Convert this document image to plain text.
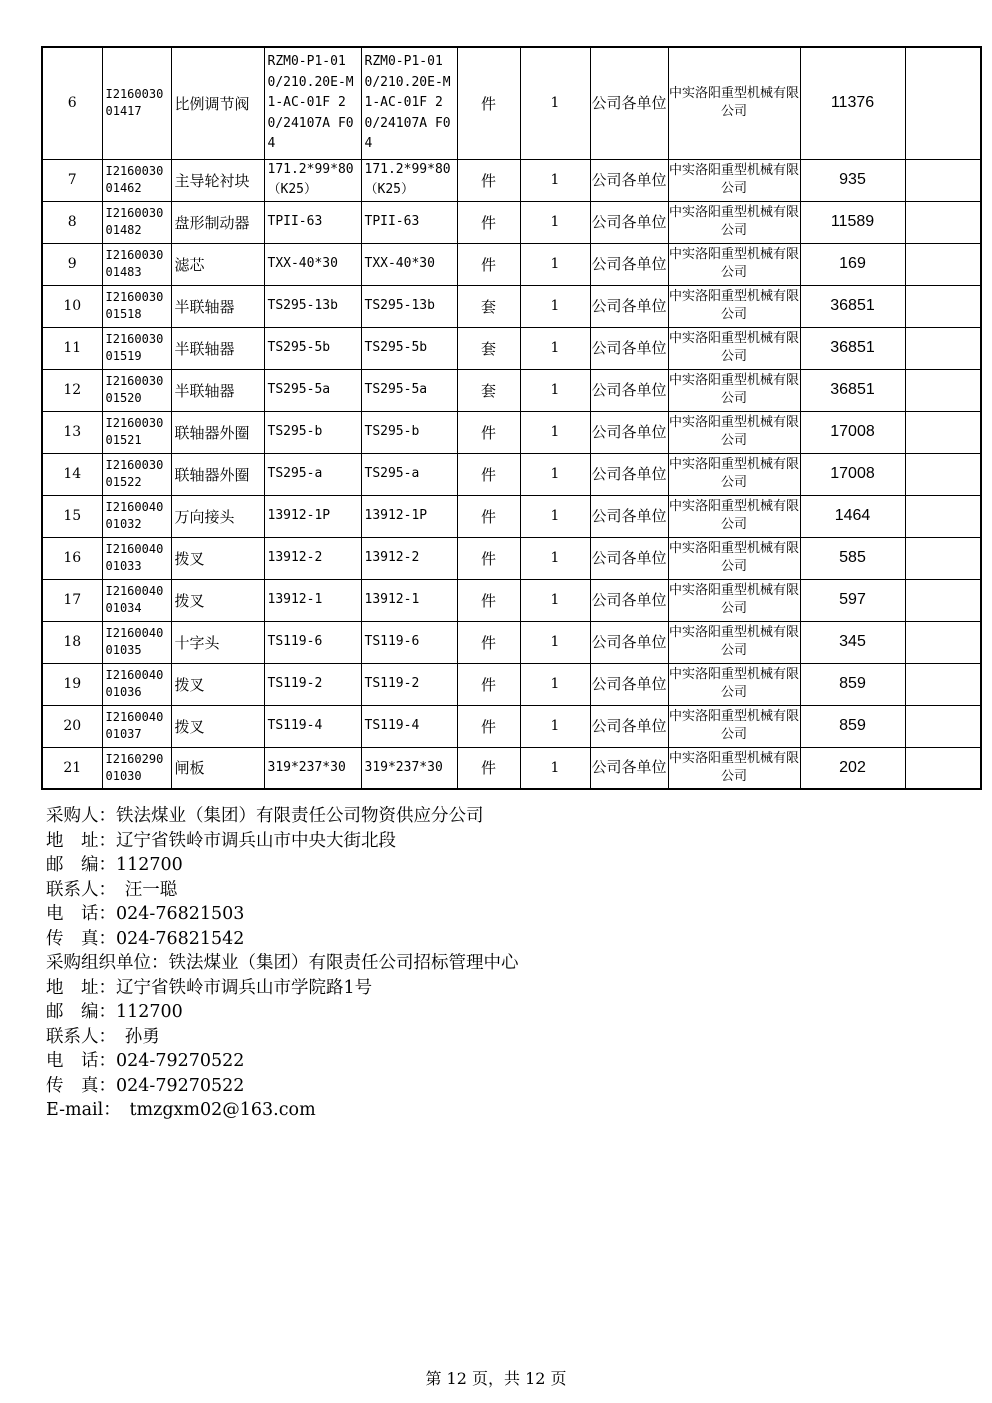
6	I216003001417	比例调节阀	RZM0-P1-010/210.20E-M1-AC-01F 20/24107A F04	RZM0-P1-010/210.20E-M1-AC-01F 20/24107A F04	件	1	公司各单位	中实洛阳重型机械有限公司	11376	
7	I216003001462	主导轮衬块	171.2*99*80（K25）	171.2*99*80（K25）	件	1	公司各单位	中实洛阳重型机械有限公司	935	
8	I216003001482	盘形制动器	TPII-63	TPII-63	件	1	公司各单位	中实洛阳重型机械有限公司	11589	
9	I216003001483	滤芯	TXX-40*30	TXX-40*30	件	1	公司各单位	中实洛阳重型机械有限公司	169	
10	I216003001518	半联轴器	TS295-13b	TS295-13b	套	1	公司各单位	中实洛阳重型机械有限公司	36851	
11	I216003001519	半联轴器	TS295-5b	TS295-5b	套	1	公司各单位	中实洛阳重型机械有限公司	36851	
12	I216003001520	半联轴器	TS295-5a	TS295-5a	套	1	公司各单位	中实洛阳重型机械有限公司	36851	
13	I216003001521	联轴器外圈	TS295-b	TS295-b	件	1	公司各单位	中实洛阳重型机械有限公司	17008	
14	I216003001522	联轴器外圈	TS295-a	TS295-a	件	1	公司各单位	中实洛阳重型机械有限公司	17008	
15	I216004001032	万向接头	13912-1P	13912-1P	件	1	公司各单位	中实洛阳重型机械有限公司	1464	
16	I216004001033	拨叉	13912-2	13912-2	件	1	公司各单位	中实洛阳重型机械有限公司	585	
17	I216004001034	拨叉	13912-1	13912-1	件	1	公司各单位	中实洛阳重型机械有限公司	597	
18	I216004001035	十字头	TS119-6	TS119-6	件	1	公司各单位	中实洛阳重型机械有限公司	345	
19	I216004001036	拨叉	TS119-2	TS119-2	件	1	公司各单位	中实洛阳重型机械有限公司	859	
20	I216004001037	拨叉	TS119-4	TS119-4	件	1	公司各单位	中实洛阳重型机械有限公司	859	
21	I216029001030	闸板	319*237*30	319*237*30	件	1	公司各单位	中实洛阳重型机械有限公司	202	
采购人：铁法煤业（集团）有限责任公司物资供应分公司
地　址：辽宁省铁岭市调兵山市中央大街北段
邮　编：112700
联系人：　汪一聪
电　话：024-76821503
传　真：024-76821542
采购组织单位：铁法煤业（集团）有限责任公司招标管理中心
地　址：辽宁省铁岭市调兵山市学院路1号
邮　编：112700
联系人：　孙勇
电　话：024-79270522
传　真：024-79270522
E-mail：　tmzgxm02@163.com
第 12 页，共 12 页
